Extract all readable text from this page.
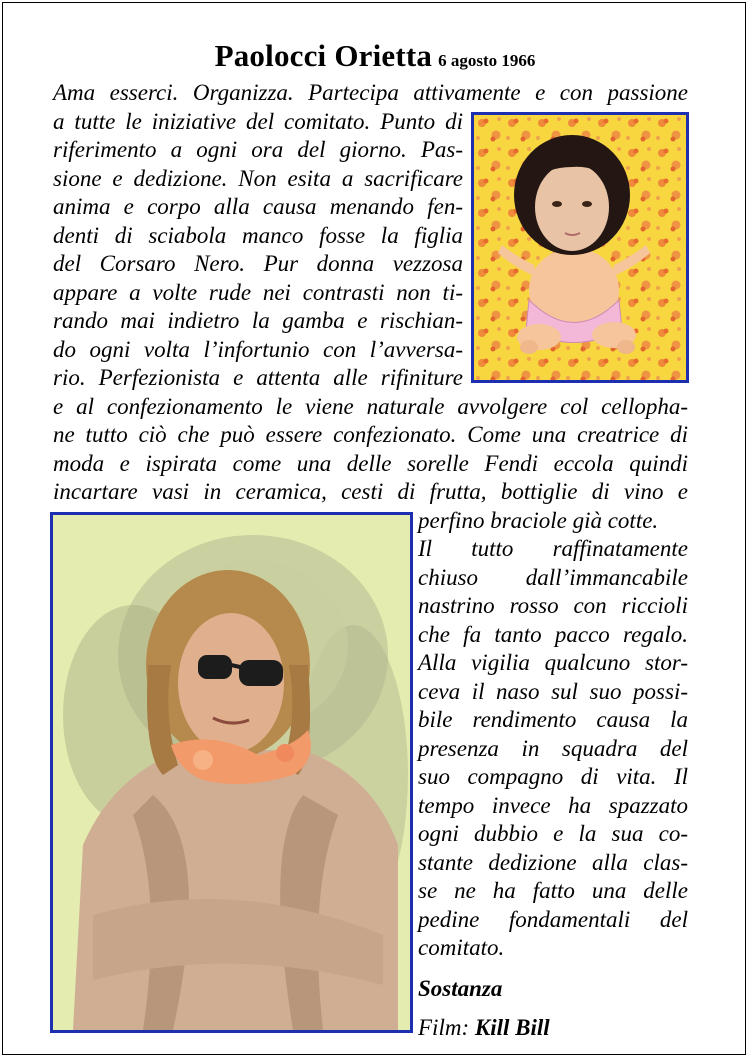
Paolocci Orietta 6 agosto 1966
Ama esserci. Organizza. Partecipa attivamente e con passione
a tutte le iniziative del comitato. Punto di
riferimento a ogni ora del giorno. Pas-
sione e dedizione. Non esita a sacrificare
anima e corpo alla causa menando fen-
denti di sciabola manco fosse la figlia
del Corsaro Nero. Pur donna vezzosa
appare a volte rude nei contrasti non ti-
rando mai indietro la gamba e rischian-
do ogni volta l’infortunio con l’avversa-
rio. Perfezionista e attenta alle rifiniture
e al confezionamento le viene naturale avvolgere col cellopha-
ne tutto ciò che può essere confezionato. Come una creatrice di
moda e ispirata come una delle sorelle Fendi eccola quindi
incartare vasi in ceramica, cesti di frutta, bottiglie di vino e
perfino braciole già cotte.
Il tutto raffinatamente
chiuso dall’immancabile
nastrino rosso con riccioli
che fa tanto pacco regalo.
Alla vigilia qualcuno stor-
ceva il naso sul suo possi-
bile rendimento causa la
presenza in squadra del
suo compagno di vita. Il
tempo invece ha spazzato
ogni dubbio e la sua co-
stante dedizione alla clas-
se ne ha fatto una delle
pedine fondamentali del
comitato.
Sostanza
Film: Kill Bill
